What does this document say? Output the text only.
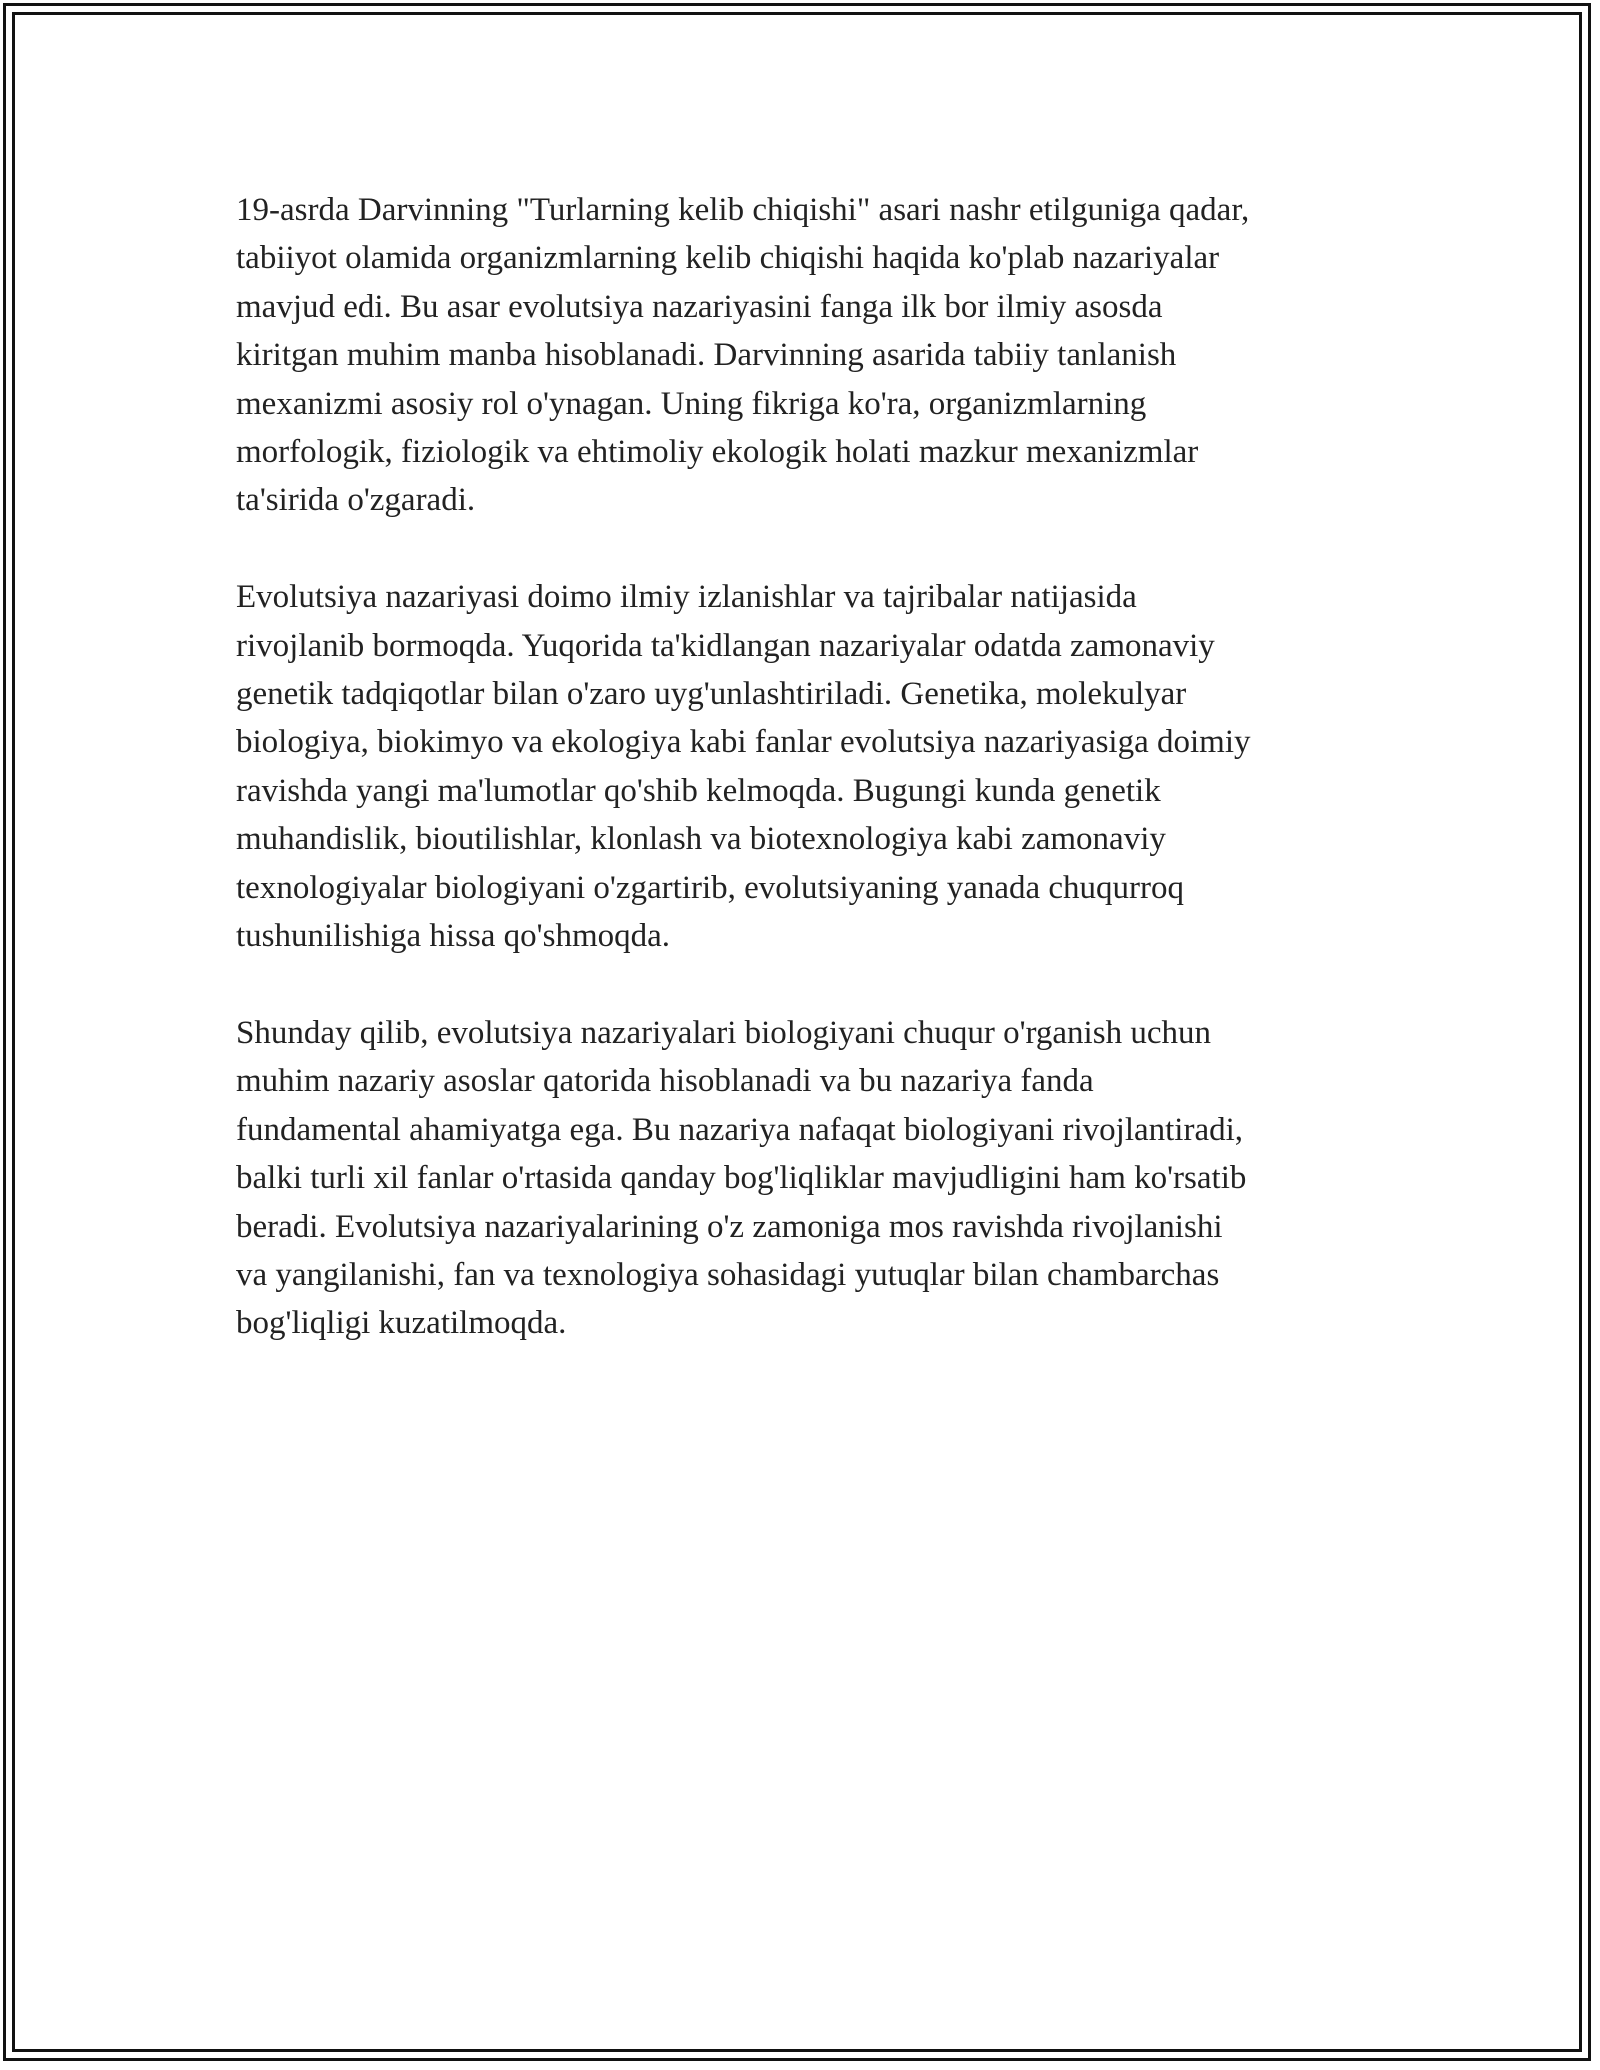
19-asrda Darvinning "Turlarning kelib chiqishi" asari nashr etilguniga qadar,
tabiiyot olamida organizmlarning kelib chiqishi haqida ko'plab nazariyalar
mavjud edi. Bu asar evolutsiya nazariyasini fanga ilk bor ilmiy asosda
kiritgan muhim manba hisoblanadi. Darvinning asarida tabiiy tanlanish
mexanizmi asosiy rol o'ynagan. Uning fikriga ko'ra, organizmlarning
morfologik, fiziologik va ehtimoliy ekologik holati mazkur mexanizmlar
ta'sirida o'zgaradi.

Evolutsiya nazariyasi doimo ilmiy izlanishlar va tajribalar natijasida
rivojlanib bormoqda. Yuqorida ta'kidlangan nazariyalar odatda zamonaviy
genetik tadqiqotlar bilan o'zaro uyg'unlashtiriladi. Genetika, molekulyar
biologiya, biokimyo va ekologiya kabi fanlar evolutsiya nazariyasiga doimiy
ravishda yangi ma'lumotlar qo'shib kelmoqda. Bugungi kunda genetik
muhandislik, bioutilishlar, klonlash va biotexnologiya kabi zamonaviy
texnologiyalar biologiyani o'zgartirib, evolutsiyaning yanada chuqurroq
tushunilishiga hissa qo'shmoqda.

Shunday qilib, evolutsiya nazariyalari biologiyani chuqur o'rganish uchun
muhim nazariy asoslar qatorida hisoblanadi va bu nazariya fanda
fundamental ahamiyatga ega. Bu nazariya nafaqat biologiyani rivojlantiradi,
balki turli xil fanlar o'rtasida qanday bog'liqliklar mavjudligini ham ko'rsatib
beradi. Evolutsiya nazariyalarining o'z zamoniga mos ravishda rivojlanishi
va yangilanishi, fan va texnologiya sohasidagi yutuqlar bilan chambarchas
bog'liqligi kuzatilmoqda.
